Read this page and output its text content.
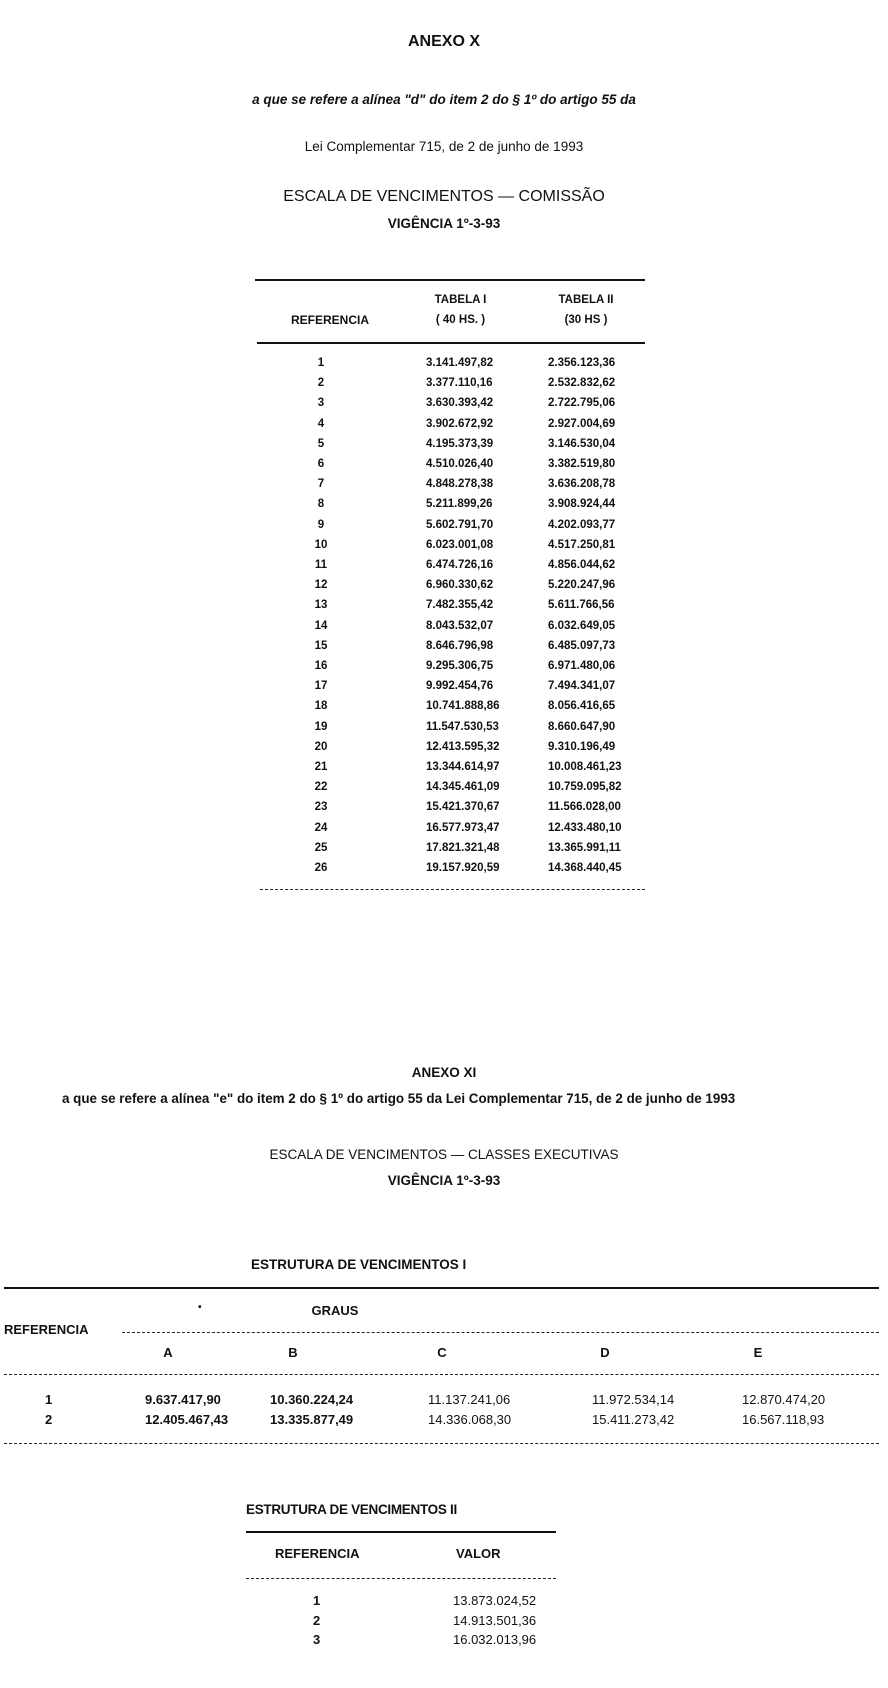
ANEXO X
a que se refere a alínea "d" do item 2 do § 1º do artigo 55 da
Lei Complementar 715, de 2 de junho de 1993
ESCALA DE VENCIMENTOS — COMISSÃO
VIGÊNCIA 1º-3-93
TABELA I	TABELA II
REFERENCIA	( 40 HS. )	(30 HS )
1	3.141.497,82	2.356.123,36
2	3.377.110,16	2.532.832,62
3	3.630.393,42	2.722.795,06
4	3.902.672,92	2.927.004,69
5	4.195.373,39	3.146.530,04
6	4.510.026,40	3.382.519,80
7	4.848.278,38	3.636.208,78
8	5.211.899,26	3.908.924,44
9	5.602.791,70	4.202.093,77
10	6.023.001,08	4.517.250,81
11	6.474.726,16	4.856.044,62
12	6.960.330,62	5.220.247,96
13	7.482.355,42	5.611.766,56
14	8.043.532,07	6.032.649,05
15	8.646.796,98	6.485.097,73
16	9.295.306,75	6.971.480,06
17	9.992.454,76	7.494.341,07
18	10.741.888,86	8.056.416,65
19	11.547.530,53	8.660.647,90
20	12.413.595,32	9.310.196,49
21	13.344.614,97	10.008.461,23
22	14.345.461,09	10.759.095,82
23	15.421.370,67	11.566.028,00
24	16.577.973,47	12.433.480,10
25	17.821.321,48	13.365.991,11
26	19.157.920,59	14.368.440,45
ANEXO XI
a que se refere a alínea "e" do item 2 do § 1º do artigo 55 da Lei Complementar 715, de 2 de junho de 1993
ESCALA DE VENCIMENTOS — CLASSES EXECUTIVAS
VIGÊNCIA 1º-3-93
ESTRUTURA DE VENCIMENTOS I
•	GRAUS
REFERENCIA
A	B	C	D	E
1	9.637.417,90	10.360.224,24	11.137.241,06	11.972.534,14	12.870.474,20
2	12.405.467,43	13.335.877,49	14.336.068,30	15.411.273,42	16.567.118,93
ESTRUTURA DE VENCIMENTOS II
REFERENCIA	VALOR
1	13.873.024,52
2	14.913.501,36
3	16.032.013,96
